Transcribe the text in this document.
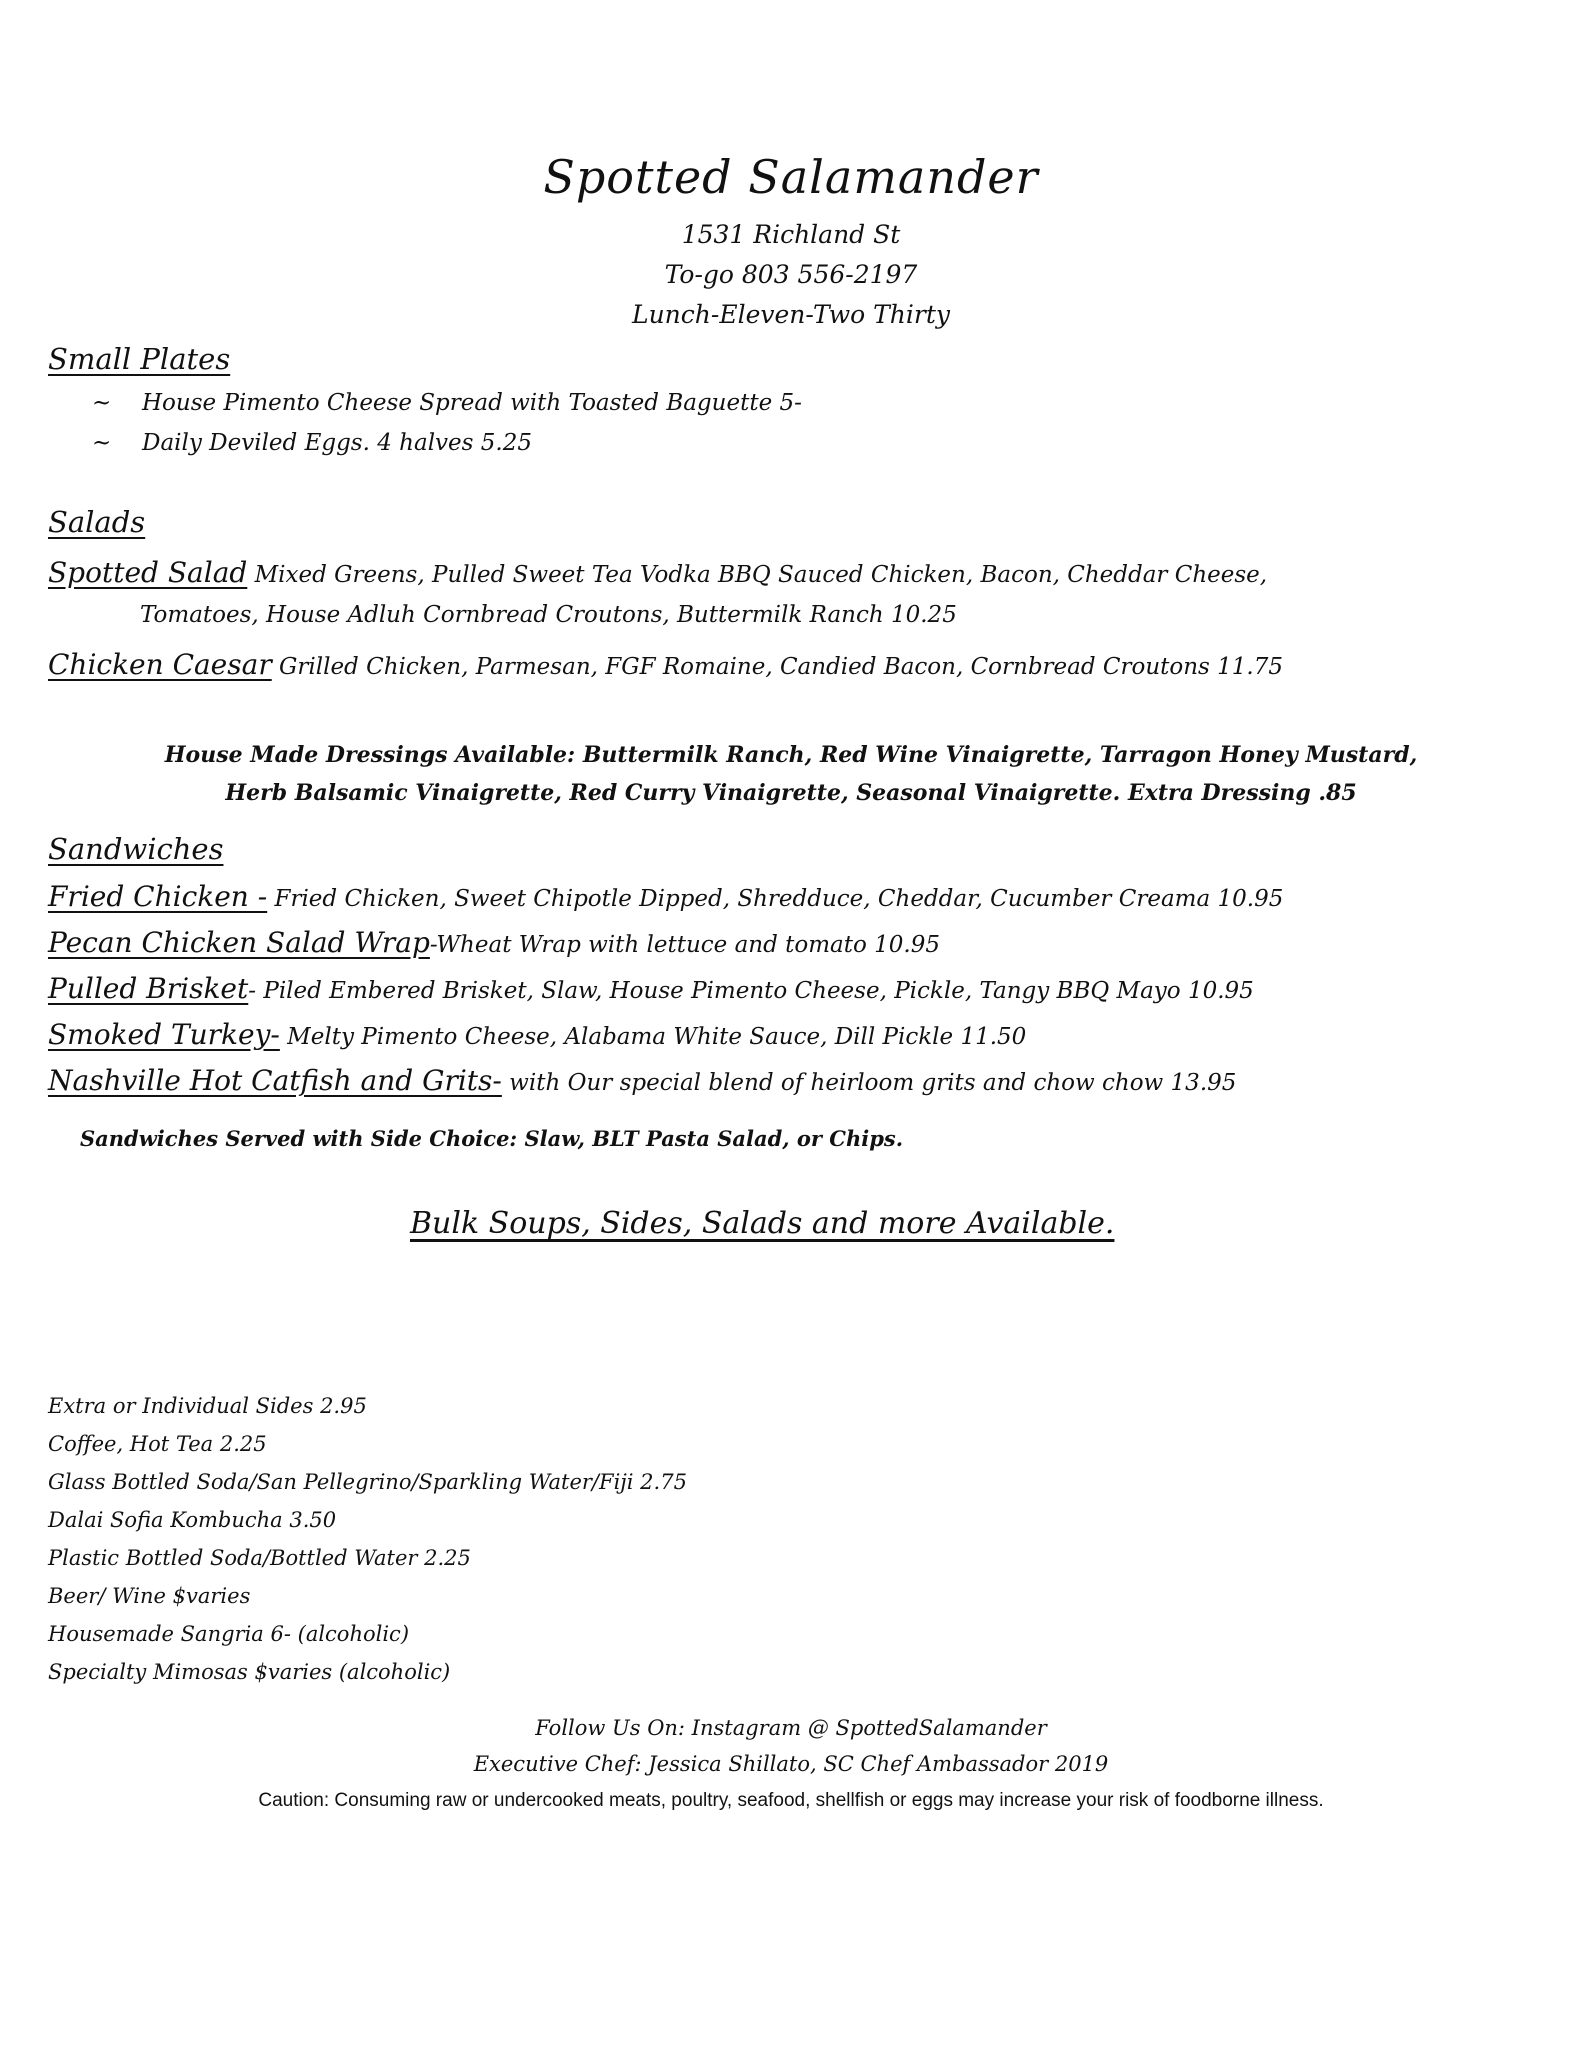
Spotted Salamander
1531 Richland St
To-go 803 556-2197
Lunch-Eleven-Two Thirty
Small Plates
~ House Pimento Cheese Spread with Toasted Baguette 5-
~ Daily Deviled Eggs. 4 halves 5.25
Salads
Spotted Salad Mixed Greens, Pulled Sweet Tea Vodka BBQ Sauced Chicken, Bacon, Cheddar Cheese,
Tomatoes, House Adluh Cornbread Croutons, Buttermilk Ranch 10.25
Chicken Caesar Grilled Chicken, Parmesan, FGF Romaine, Candied Bacon, Cornbread Croutons 11.75
House Made Dressings Available: Buttermilk Ranch, Red Wine Vinaigrette, Tarragon Honey Mustard,
Herb Balsamic Vinaigrette, Red Curry Vinaigrette, Seasonal Vinaigrette. Extra Dressing .85
Sandwiches
Fried Chicken - Fried Chicken, Sweet Chipotle Dipped, Shredduce, Cheddar, Cucumber Creama 10.95
Pecan Chicken Salad Wrap-Wheat Wrap with lettuce and tomato 10.95
Pulled Brisket- Piled Embered Brisket, Slaw, House Pimento Cheese, Pickle, Tangy BBQ Mayo 10.95
Smoked Turkey- Melty Pimento Cheese, Alabama White Sauce, Dill Pickle 11.50
Nashville Hot Catfish and Grits- with Our special blend of heirloom grits and chow chow 13.95
Sandwiches Served with Side Choice: Slaw, BLT Pasta Salad, or Chips.
Bulk Soups, Sides, Salads and more Available.
Extra or Individual Sides 2.95
Coffee, Hot Tea 2.25
Glass Bottled Soda/San Pellegrino/Sparkling Water/Fiji 2.75
Dalai Sofia Kombucha 3.50
Plastic Bottled Soda/Bottled Water 2.25
Beer/ Wine $varies
Housemade Sangria 6- (alcoholic)
Specialty Mimosas $varies (alcoholic)
Follow Us On: Instagram @ SpottedSalamander
Executive Chef: Jessica Shillato, SC Chef Ambassador 2019
Caution: Consuming raw or undercooked meats, poultry, seafood, shellfish or eggs may increase your risk of foodborne illness.
